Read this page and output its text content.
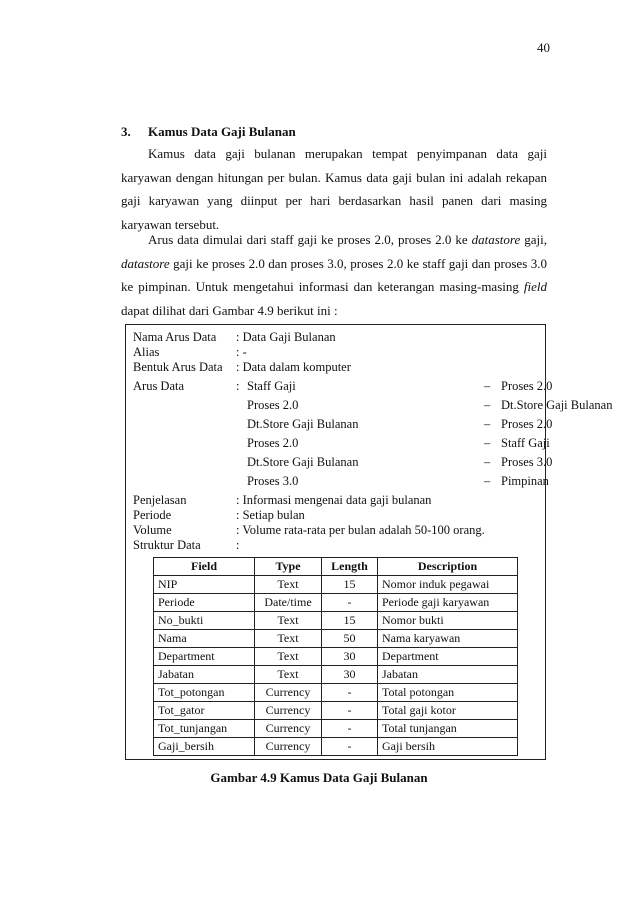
40
3. Kamus Data Gaji Bulanan
Kamus data gaji bulanan merupakan tempat penyimpanan data gaji
karyawan dengan hitungan per bulan. Kamus data gaji bulan ini adalah rekapan
gaji karyawan yang diinput per hari berdasarkan hasil panen dari masing
karyawan tersebut.
Arus data dimulai dari staff gaji ke proses 2.0, proses 2.0 ke datastore gaji,
datastore gaji ke proses 2.0 dan proses 3.0, proses 2.0 ke staff gaji dan proses 3.0
ke pimpinan. Untuk mengetahui informasi dan keterangan masing-masing field
dapat dilihat dari Gambar 4.9 berikut ini :
Nama Arus Data : Data Gaji Bulanan
Alias	: -
Bentuk Arus Data : Data dalam komputer
Arus Data	: Staff Gaji	– Proses 2.0
Proses 2.0	– Dt.Store Gaji Bulanan
Dt.Store Gaji Bulanan	– Proses 2.0
Proses 2.0	– Staff Gaji
Dt.Store Gaji Bulanan	– Proses 3.0
Proses 3.0	– Pimpinan
Penjelasan	: Informasi mengenai data gaji bulanan
Periode	: Setiap bulan
Volume	: Volume rata-rata per bulan adalah 50-100 orang.
Struktur Data	:
Field	Type	Length	Description
NIP	Text	15	Nomor induk pegawai
Periode	Date/time	-	Periode gaji karyawan
No_bukti	Text	15	Nomor bukti
Nama	Text	50	Nama karyawan
Department	Text	30	Department
Jabatan	Text	30	Jabatan
Tot_potongan	Currency	-	Total potongan
Tot_gator	Currency	-	Total gaji kotor
Tot_tunjangan	Currency	-	Total tunjangan
Gaji_bersih	Currency	-	Gaji bersih
Gambar 4.9 Kamus Data Gaji Bulanan
